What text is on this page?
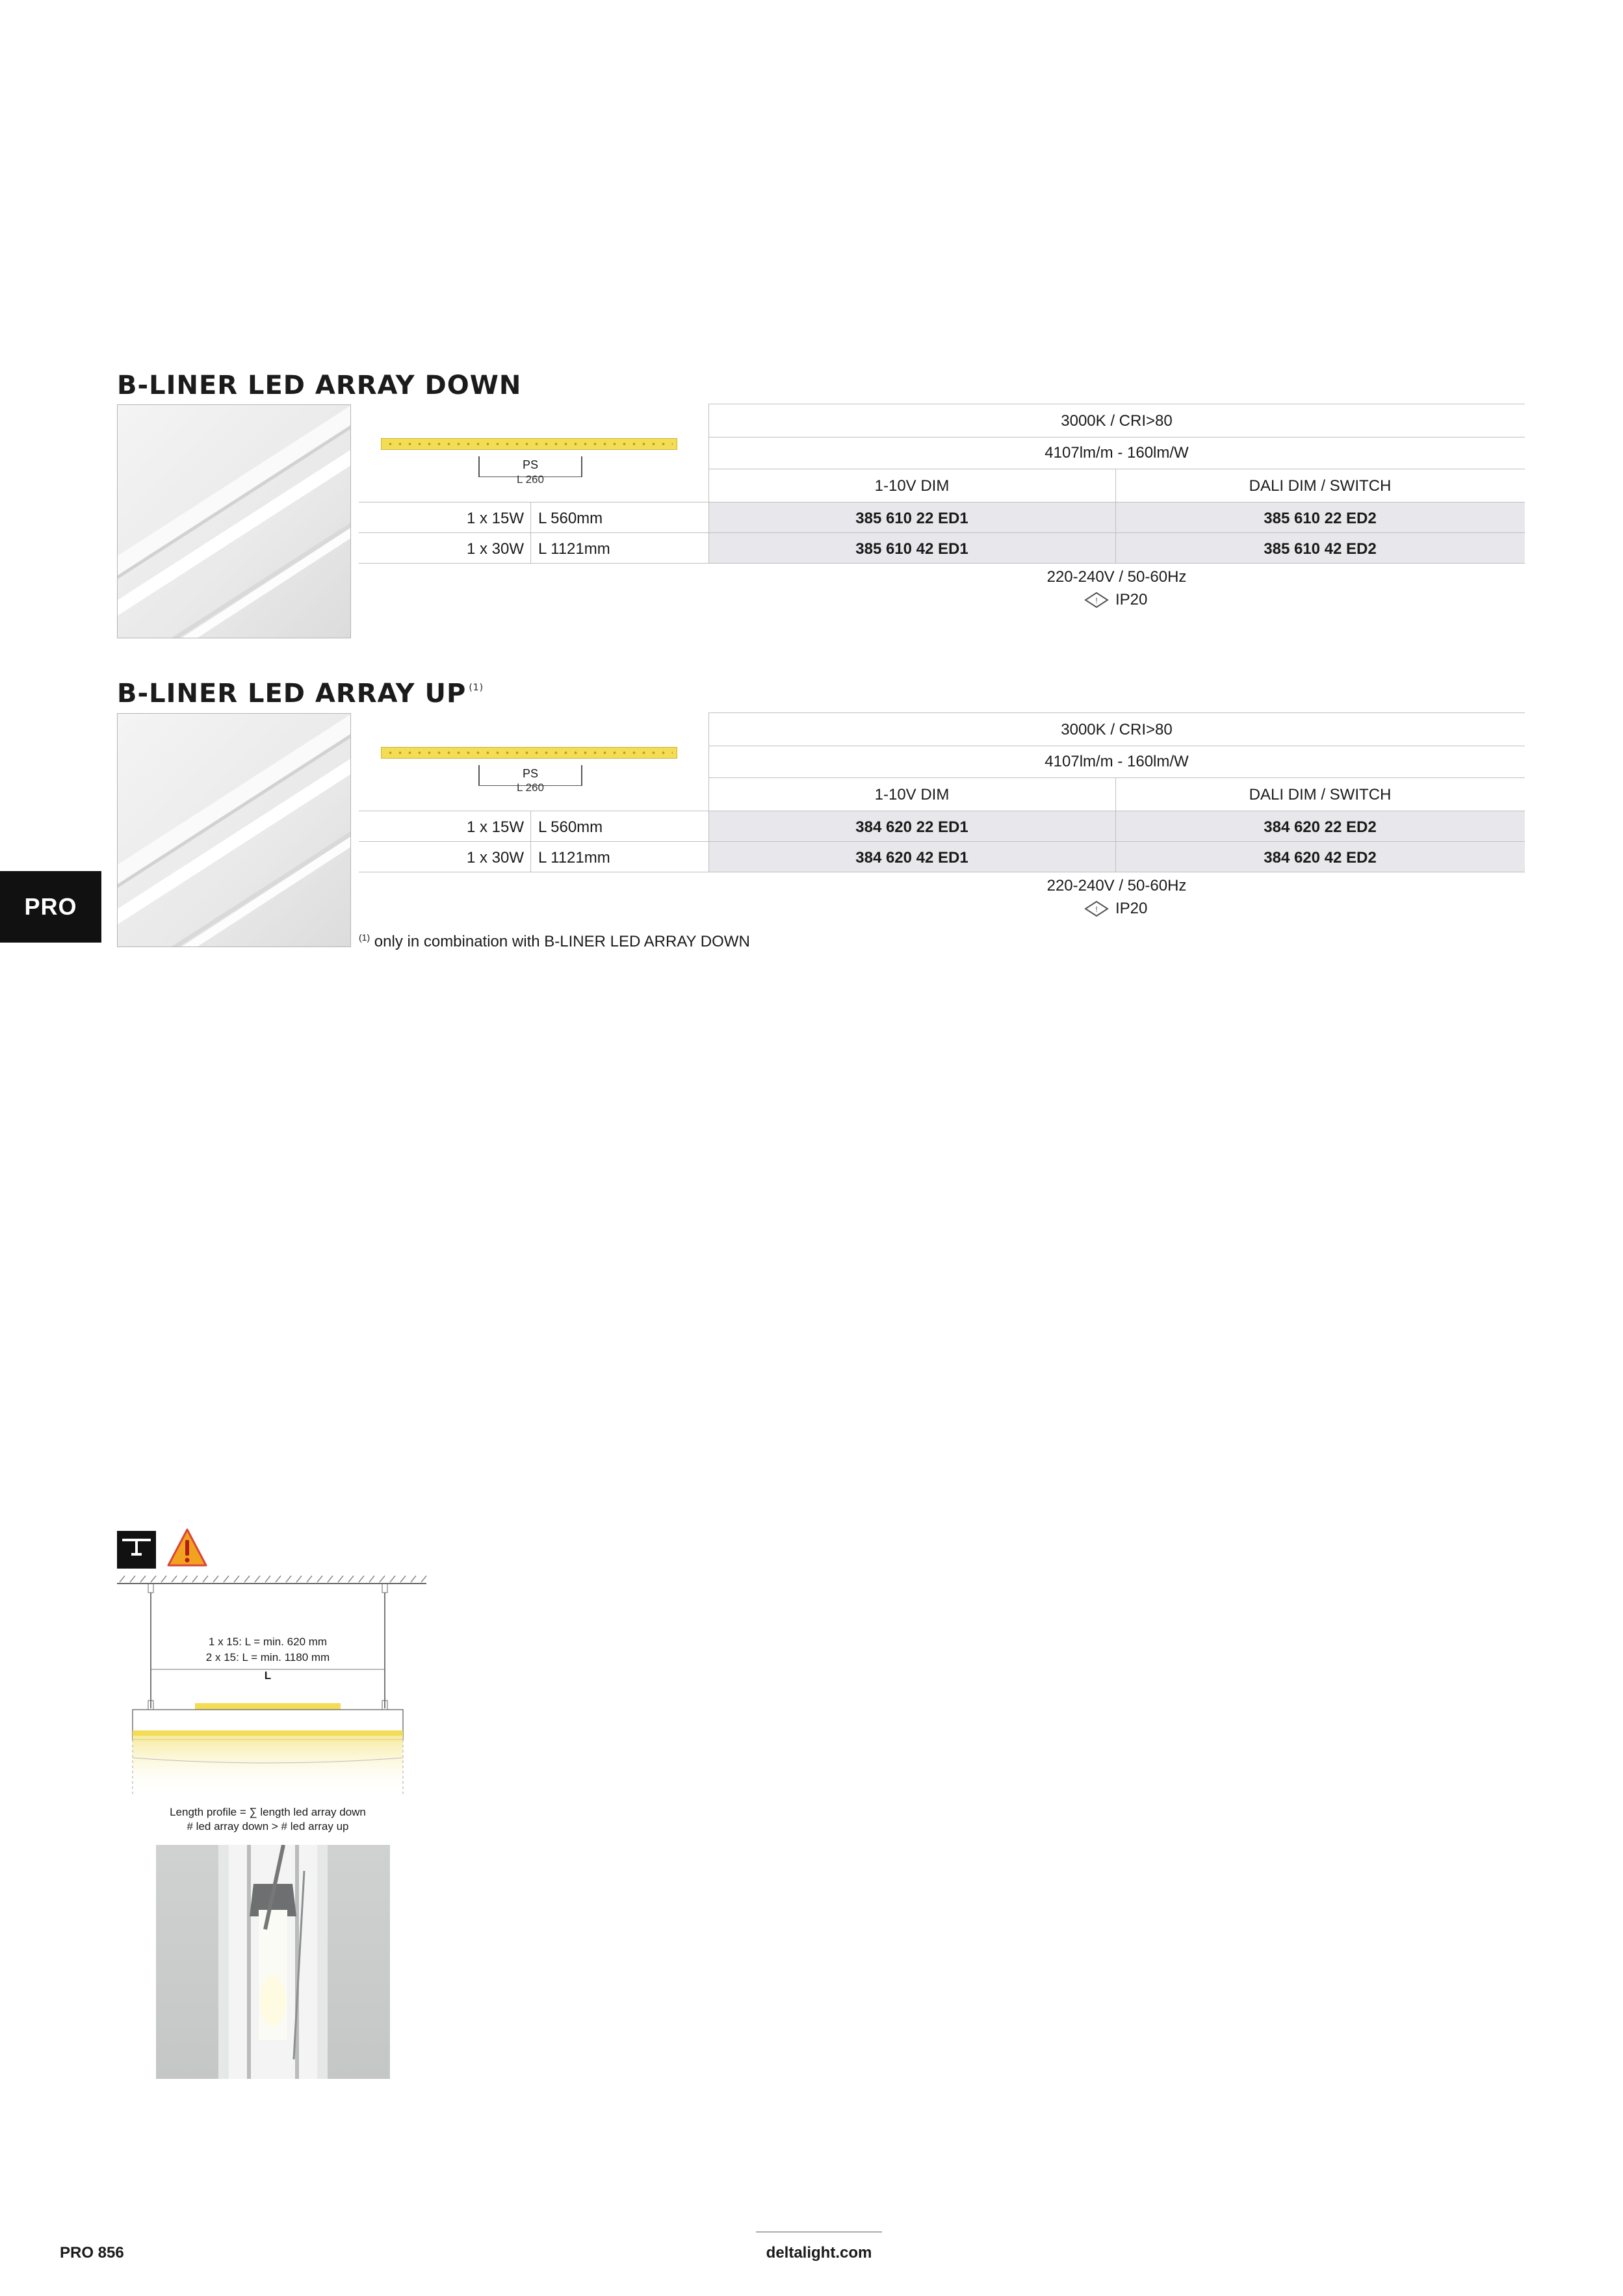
B-LINER LED ARRAY DOWN
PS
L 260
3000K / CRI>80
4107lm/m - 160lm/W
1-10V DIM	DALI DIM / SWITCH
1 x 15W L 560mm	385 610 22 ED1	385 610 22 ED2
1 x 30W L 1121mm	385 610 42 ED1	385 610 42 ED2
220-240V / 50-60Hz
! IP20
B-LINER LED ARRAY UP $^{(1)}$
PS
L 260
3000K / CRI>80
4107lm/m - 160lm/W
1-10V DIM	DALI DIM / SWITCH
1 x 15W L 560mm	384 620 22 ED1	384 620 22 ED2
1 x 30W L 1121mm	384 620 42 ED1	384 620 42 ED2
220-240V / 50-60Hz
! IP20
$^{(1)}$ only in combination with B-LINER LED ARRAY DOWN
PRO
1 x 15: L = min. 620 mm
2 x 15: L = min. 1180 mm
L
Length profile = ∑ length led array down
# led array down > # led array up
PRO 856	deltalight.com
